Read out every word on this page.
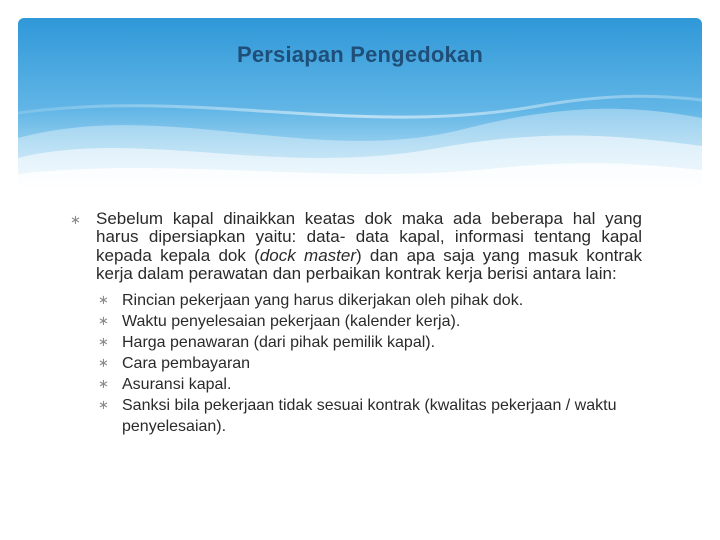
Persiapan Pengedokan
∗ Sebelum kapal dinaikkan keatas dok maka ada beberapa hal yang harus dipersiapkan yaitu: data- data kapal, informasi tentang kapal kepada kepala dok (dock master) dan apa saja yang masuk kontrak kerja dalam perawatan dan perbaikan kontrak kerja berisi antara lain:

∗ Rincian pekerjaan yang harus dikerjakan oleh pihak dok.
∗ Waktu penyelesaian pekerjaan (kalender kerja).
∗ Harga penawaran (dari pihak pemilik kapal).
∗ Cara pembayaran
∗ Asuransi kapal.
∗ Sanksi bila pekerjaan tidak sesuai kontrak (kwalitas pekerjaan / waktu penyelesaian).
